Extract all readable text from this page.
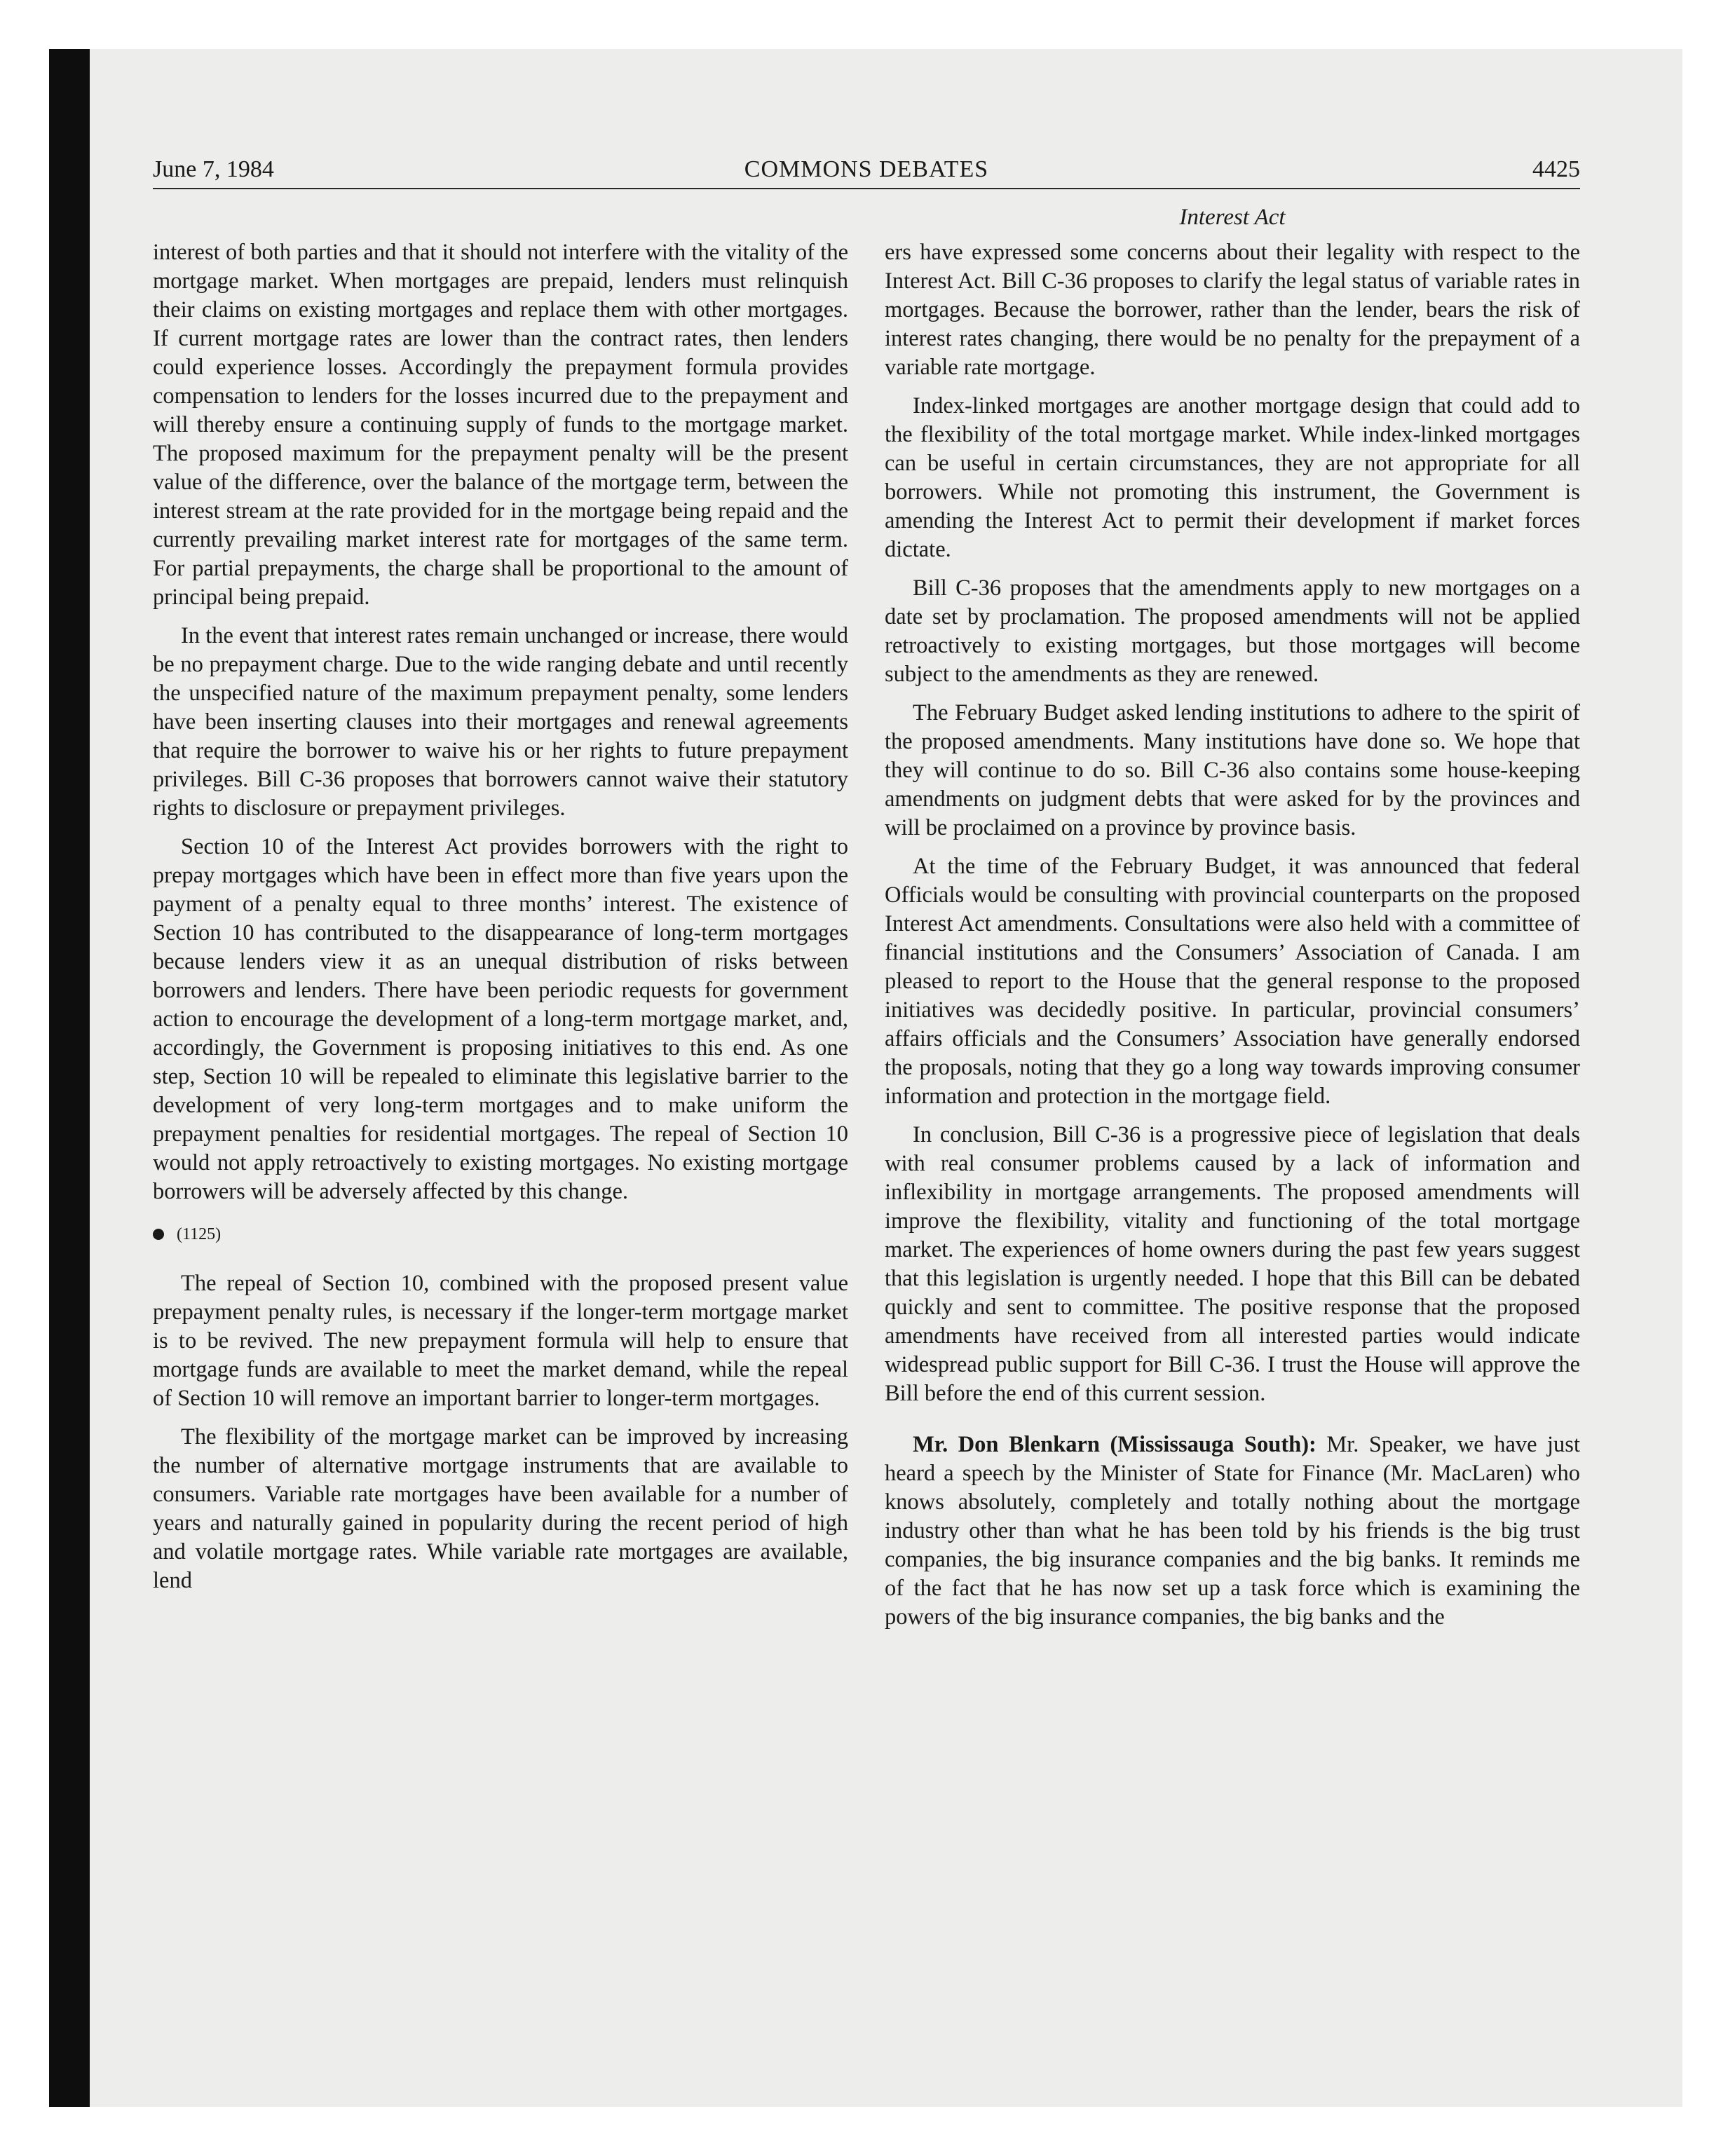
June 7, 1984	COMMONS DEBATES	4425
Interest Act

interest of both parties and that it should not interfere with the vitality of the mortgage market. When mortgages are prepaid, lenders must relinquish their claims on existing mortgages and replace them with other mortgages. If current mortgage rates are lower than the contract rates, then lenders could experience losses. Accordingly the prepayment formula provides compensation to lenders for the losses incurred due to the prepayment and will thereby ensure a continuing supply of funds to the mortgage market. The proposed maximum for the prepayment penalty will be the present value of the difference, over the balance of the mortgage term, between the interest stream at the rate provided for in the mortgage being repaid and the currently prevailing market interest rate for mortgages of the same term. For partial prepayments, the charge shall be proportional to the amount of principal being prepaid.

In the event that interest rates remain unchanged or increase, there would be no prepayment charge. Due to the wide ranging debate and until recently the unspecified nature of the maximum prepayment penalty, some lenders have been inserting clauses into their mortgages and renewal agreements that require the borrower to waive his or her rights to future prepayment privileges. Bill C-36 proposes that borrowers cannot waive their statutory rights to disclosure or prepayment privileges.

Section 10 of the Interest Act provides borrowers with the right to prepay mortgages which have been in effect more than five years upon the payment of a penalty equal to three months’ interest. The existence of Section 10 has contributed to the disappearance of long-term mortgages because lenders view it as an unequal distribution of risks between borrowers and lenders. There have been periodic requests for government action to encourage the development of a long-term mortgage market, and, accordingly, the Government is proposing initiatives to this end. As one step, Section 10 will be repealed to eliminate this legislative barrier to the development of very long-term mortgages and to make uniform the prepayment penalties for residential mortgages. The repeal of Section 10 would not apply retroactively to existing mortgages. No existing mortgage borrowers will be adversely affected by this change.

(1125)

The repeal of Section 10, combined with the proposed present value prepayment penalty rules, is necessary if the longer-term mortgage market is to be revived. The new prepayment formula will help to ensure that mortgage funds are available to meet the market demand, while the repeal of Section 10 will remove an important barrier to longer-term mortgages.

The flexibility of the mortgage market can be improved by increasing the number of alternative mortgage instruments that are available to consumers. Variable rate mortgages have been available for a number of years and naturally gained in popularity during the recent period of high and volatile mortgage rates. While variable rate mortgages are available, lend

ers have expressed some concerns about their legality with respect to the Interest Act. Bill C-36 proposes to clarify the legal status of variable rates in mortgages. Because the borrower, rather than the lender, bears the risk of interest rates changing, there would be no penalty for the prepayment of a variable rate mortgage.

Index-linked mortgages are another mortgage design that could add to the flexibility of the total mortgage market. While index-linked mortgages can be useful in certain circumstances, they are not appropriate for all borrowers. While not promoting this instrument, the Government is amending the Interest Act to permit their development if market forces dictate.

Bill C-36 proposes that the amendments apply to new mortgages on a date set by proclamation. The proposed amendments will not be applied retroactively to existing mortgages, but those mortgages will become subject to the amendments as they are renewed.

The February Budget asked lending institutions to adhere to the spirit of the proposed amendments. Many institutions have done so. We hope that they will continue to do so. Bill C-36 also contains some house-keeping amendments on judgment debts that were asked for by the provinces and will be proclaimed on a province by province basis.

At the time of the February Budget, it was announced that federal Officials would be consulting with provincial counterparts on the proposed Interest Act amendments. Consultations were also held with a committee of financial institutions and the Consumers’ Association of Canada. I am pleased to report to the House that the general response to the proposed initiatives was decidedly positive. In particular, provincial consumers’ affairs officials and the Consumers’ Association have generally endorsed the proposals, noting that they go a long way towards improving consumer information and protection in the mortgage field.

In conclusion, Bill C-36 is a progressive piece of legislation that deals with real consumer problems caused by a lack of information and inflexibility in mortgage arrangements. The proposed amendments will improve the flexibility, vitality and functioning of the total mortgage market. The experiences of home owners during the past few years suggest that this legislation is urgently needed. I hope that this Bill can be debated quickly and sent to committee. The positive response that the proposed amendments have received from all interested parties would indicate widespread public support for Bill C-36. I trust the House will approve the Bill before the end of this current session.

Mr. Don Blenkarn (Mississauga South): Mr. Speaker, we have just heard a speech by the Minister of State for Finance (Mr. MacLaren) who knows absolutely, completely and totally nothing about the mortgage industry other than what he has been told by his friends is the big trust companies, the big insurance companies and the big banks. It reminds me of the fact that he has now set up a task force which is examining the powers of the big insurance companies, the big banks and the
